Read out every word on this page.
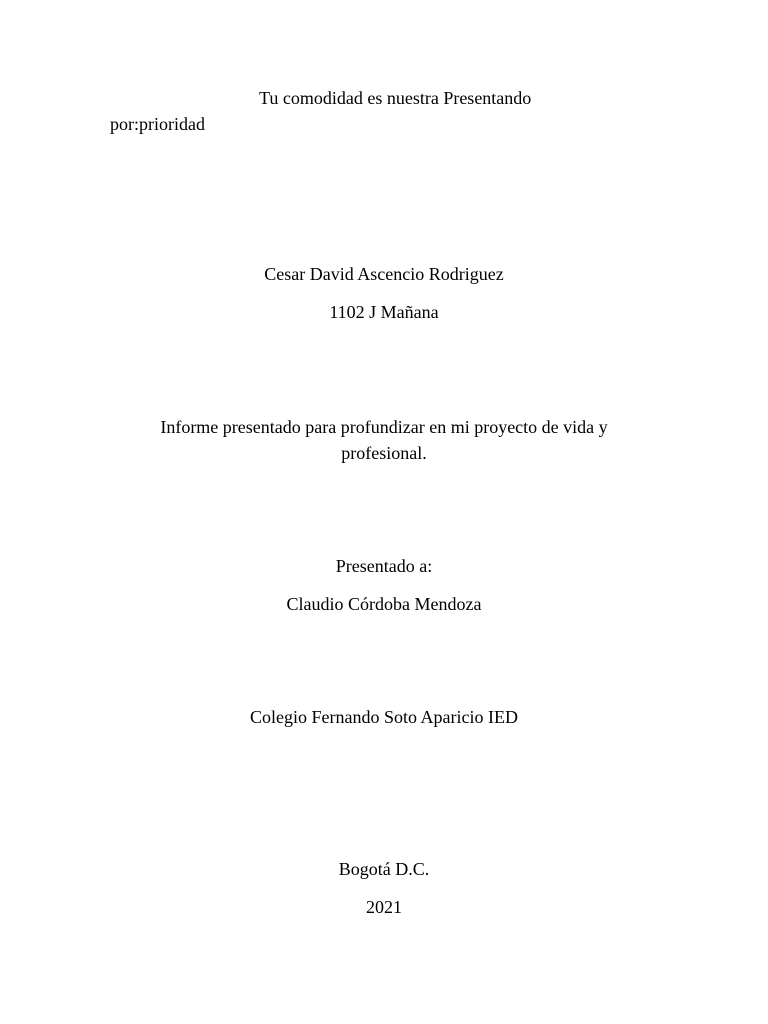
Tu comodidad es nuestra Presentando
por:prioridad
Cesar David Ascencio Rodriguez
1102 J Mañana
Informe presentado para profundizar en mi proyecto de vida y
profesional.
Presentado a:
Claudio Córdoba Mendoza
Colegio Fernando Soto Aparicio IED
Bogotá D.C.
2021
